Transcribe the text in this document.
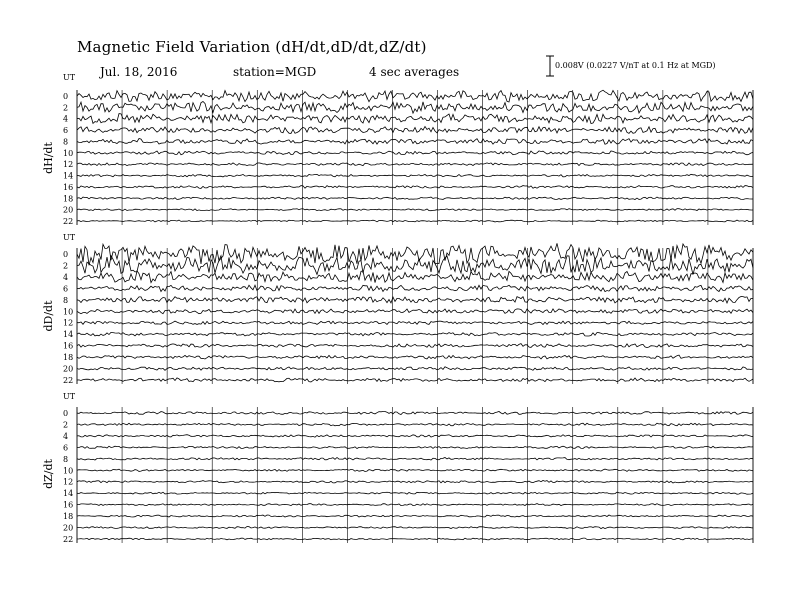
Magnetic Field Variation (dH/dt,dD/dt,dZ/dt)
Jul. 18, 2016	station=MGD	4 sec averages	0.008V (0.0227 V/nT at 0.1 Hz at MGD)
UT
dH/dt
0
2
4
6
8
10
12
14
16
18
20
22
UT
dD/dt
0
2
4
6
8
10
12
14
16
18
20
22
UT
dZ/dt
0
2
4
6
8
10
12
14
16
18
20
22
